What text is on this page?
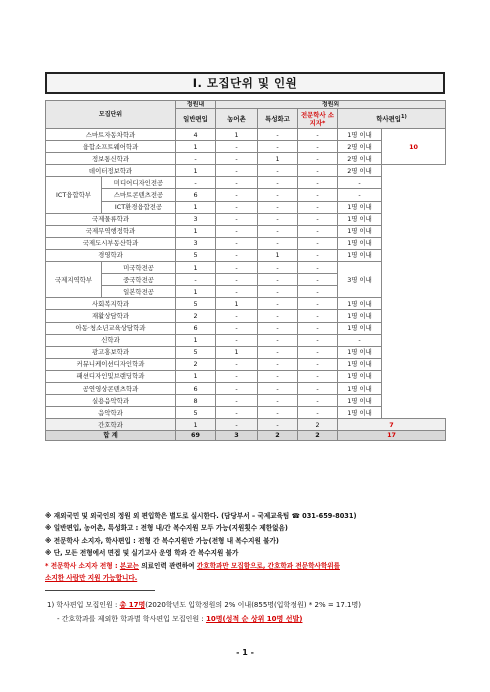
Ⅰ. 모집단위 및 인원
모집단위		정원내	정원외				
		일반편입	농어촌	특성화고	전문학사 소지자*	학사편입$^{1)}$
스마트자동차학과		4	1	-	-	1명 이내	10
융합소프트웨어학과		1	-	-	-	2명 이내	
정보통신학과		-	-	1	-	2명 이내	
데이터정보학과		1	-	-	-	2명 이내	
ICT융합학부	미디어디자인전공	-	-	-	-	-	
	스마트콘텐츠전공	6	-	-	-	-	
	ICT환경융합전공	1	-	-	-	1명 이내	
국제물류학과		3	-	-	-	1명 이내	
국제무역행정학과		1	-	-	-	1명 이내	
국제도시부동산학과		3	-	-	-	1명 이내	
경영학과		5	-	1	-	1명 이내	
국제지역학부	미국학전공	1	-	-	-	3명 이내	
	중국학전공	-	-	-	-		
	일본학전공	1	-	-	-		
사회복지학과		5	1	-	-	1명 이내	
재활상담학과		2	-	-	-	1명 이내	
아동·청소년교육상담학과		6	-	-	-	1명 이내	
신학과		1	-	-	-	-	
광고홍보학과		5	1	-	-	1명 이내	
커뮤니케이션디자인학과		2	-	-	-	1명 이내	
패션디자인및브랜딩학과		1	-	-	-	1명 이내	
공연영상콘텐츠학과		6	-	-	-	1명 이내	
실용음악학과		8	-	-	-	1명 이내	
음악학과		5	-	-	-	1명 이내	
간호학과		1	-	-	2	7	
합 계		69	3	2	2	17	
※ 재외국민 및 외국인의 정원 외 편입학은 별도로 실시한다. (담당부서 – 국제교육팀 ☎ 031-659-8031)
※ 일반편입, 농어촌, 특성화고 : 전형 내/간 복수지원 모두 가능(지원횟수 제한없음)
※ 전문학사 소지자, 학사편입 : 전형 간 복수지원만 가능(전형 내 복수지원 불가)
※ 단, 모든 전형에서 면접 및 실기고사 운영 학과 간 복수지원 불가
* 전문학사 소지자 전형 : 본교는 의료인력 관련하여 간호학과만 모집함으로, 간호학과 전문학사학위를
소지한 사람만 지원 가능합니다.
1) 학사편입 모집인원 : 총 17명(2020학년도 입학정원의 2% 이내(855명(입학정원) * 2% = 17.1명)
- 간호학과를 제외한 학과별 학사편입 모집인원 : 10명(성적 순 상위 10명 선발)
- 1 -
